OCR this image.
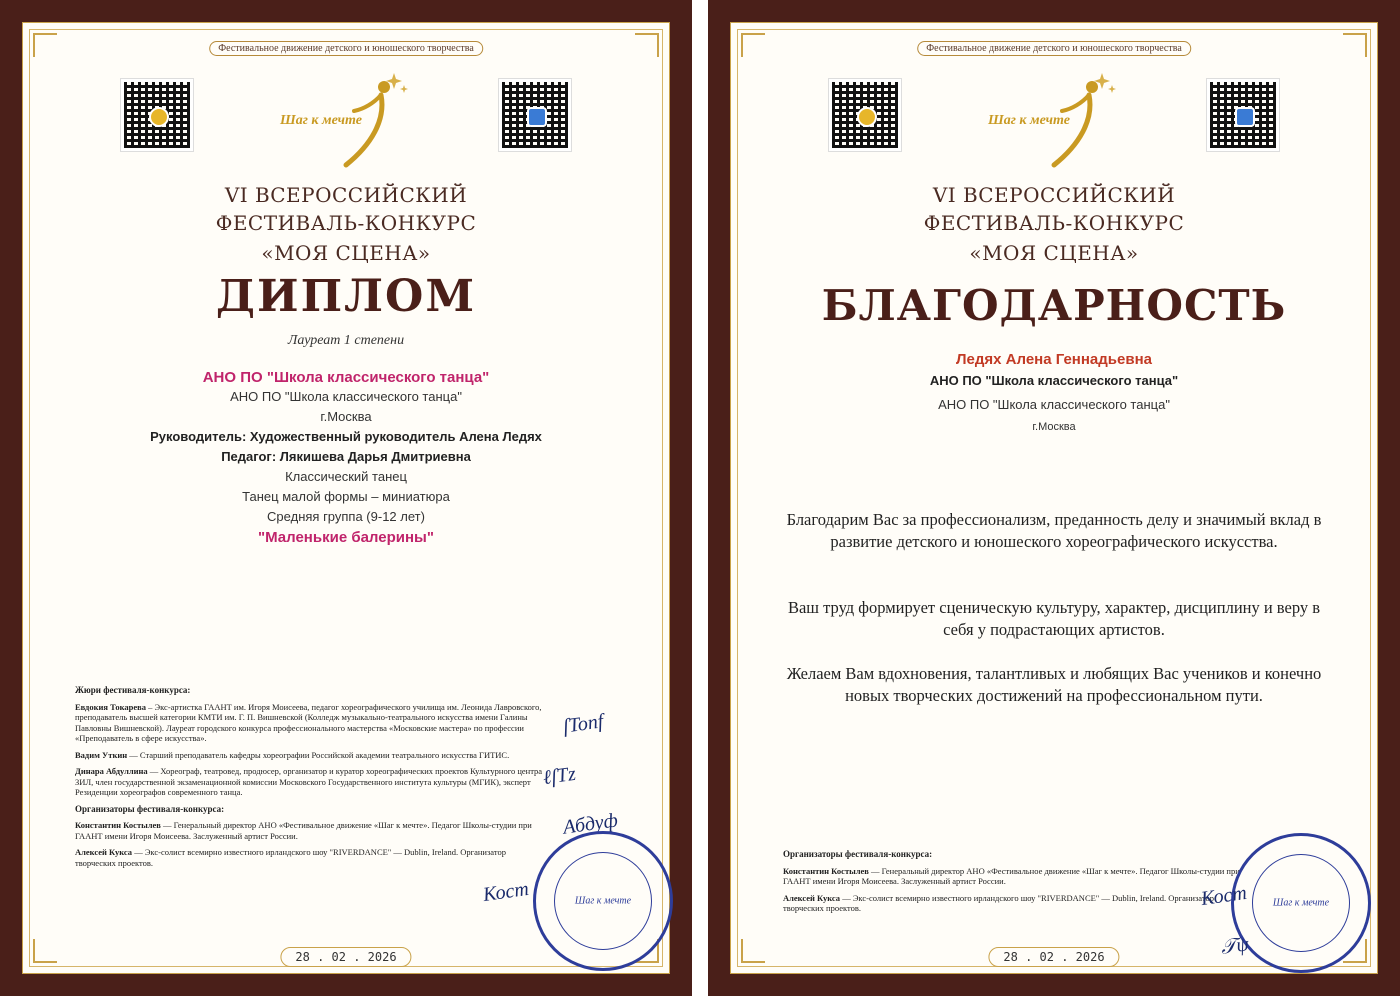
Фестивальное движение детского и юношеского творчества
Шаг к мечте
VI ВСЕРОССИЙСКИЙ
ФЕСТИВАЛЬ-КОНКУРС
«МОЯ СЦЕНА»
ДИПЛОМ
Лауреат 1 степени
АНО ПО "Школа классического танца"
АНО ПО "Школа классического танца"
г.Москва
Руководитель: Художественный руководитель Алена Ледях
Педагог: Лякишева Дарья Дмитриевна
Классический танец
Танец малой формы – миниатюра
Средняя группа (9-12 лет)
"Маленькие балерины"

Жюри фестиваля-конкурса:

Евдокия Токарева – Экс-артистка ГААНТ им. Игоря Моисеева, педагог хореографического училища им. Леонида Лавровского, преподаватель высшей категории КМТИ им. Г. П. Вишневской (Колледж музыкально-театрального искусства имени Галины Павловны Вишневской). Лауреат городского конкурса профессионального мастерства «Московские мастера» по профессии «Преподаватель в сфере искусства».

Вадим Уткин — Старший преподаватель кафедры хореографии Российской академии театрального искусства ГИТИС.

Динара Абдуллина — Хореограф, театровед, продюсер, организатор и куратор хореографических проектов Культурного центра ЗИЛ, член государственной экзаменационной комиссии Московского Государственного института культуры (МГИК), эксперт Резиденции хореографов современного танца.

Организаторы фестиваля-конкурса:

Константин Костылев — Генеральный директор АНО «Фестивальное движение «Шаг к мечте». Педагог Школы-студии при ГААНТ имени Игоря Моисеева. Заслуженный артист России.

Алексей Кукса — Экс-солист всемирно известного ирландского шоу "RIVERDANCE" — Dublin, Ireland. Организатор творческих проектов.

ſTonf
ℓſTz
Абдуф
Шаг к мечте
Косm
28 . 02 . 2026
Фестивальное движение детского и юношеского творчества
Шаг к мечте
VI ВСЕРОССИЙСКИЙ
ФЕСТИВАЛЬ-КОНКУРС
«МОЯ СЦЕНА»
БЛАГОДАРНОСТЬ
Ледях Алена Геннадьевна
АНО ПО "Школа классического танца"
АНО ПО "Школа классического танца"
г.Москва
Благодарим Вас за профессионализм, преданность делу и значимый вклад в развитие детского и юношеского хореографического искусства.
Ваш труд формирует сценическую культуру, характер, дисциплину и веру в себя у подрастающих артистов.
Желаем Вам вдохновения, талантливых и любящих Вас учеников и конечно новых творческих достижений на профессиональном пути.

Организаторы фестиваля-конкурса:

Константин Костылев — Генеральный директор АНО «Фестивальное движение «Шаг к мечте». Педагог Школы-студии при ГААНТ имени Игоря Моисеева. Заслуженный артист России.

Алексей Кукса — Экс-солист всемирно известного ирландского шоу "RIVERDANCE" — Dublin, Ireland. Организатор творческих проектов.	Шаг к мечте
Косm
𝒯ψ
28 . 02 . 2026
